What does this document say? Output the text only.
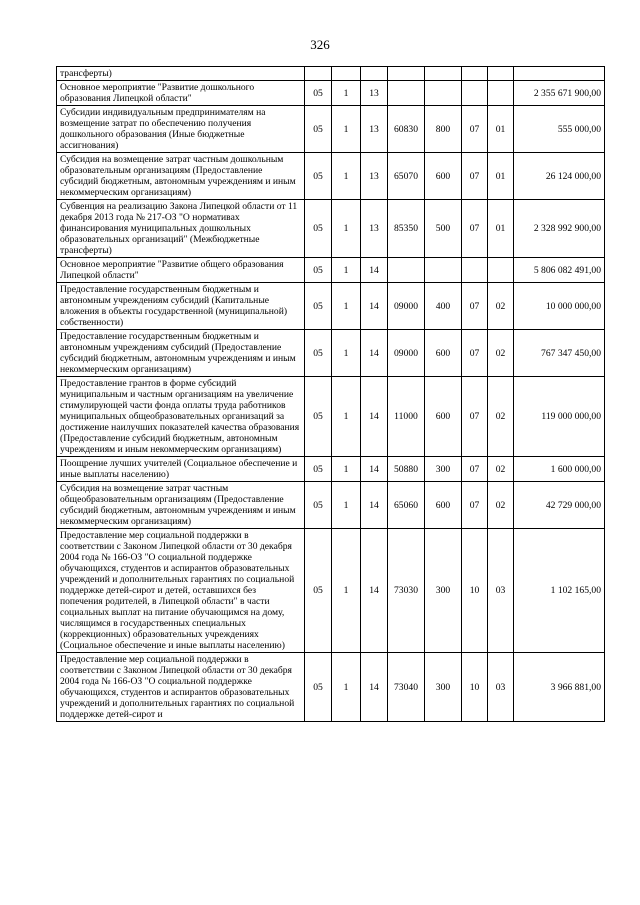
326
трансферты)								
Основное мероприятие "Развитие дошкольного образования Липецкой области"	05	1	13					2 355 671 900,00
Субсидии индивидуальным предпринимателям на возмещение затрат по обеспечению получения дошкольного образования (Иные бюджетные ассигнования)	05	1	13	60830	800	07	01	555 000,00
Субсидия на возмещение затрат частным дошкольным образовательным организациям (Предоставление субсидий бюджетным, автономным учреждениям и иным некоммерческим организациям)	05	1	13	65070	600	07	01	26 124 000,00
Субвенция на реализацию Закона Липецкой области от 11 декабря 2013 года № 217-ОЗ "О нормативах финансирования муниципальных дошкольных образовательных организаций" (Межбюджетные трансферты)	05	1	13	85350	500	07	01	2 328 992 900,00
Основное мероприятие "Развитие общего образования Липецкой области"	05	1	14					5 806 082 491,00
Предоставление государственным бюджетным и автономным учреждениям субсидий (Капитальные вложения в объекты государственной (муниципальной) собственности)	05	1	14	09000	400	07	02	10 000 000,00
Предоставление государственным бюджетным и автономным учреждениям субсидий (Предоставление субсидий бюджетным, автономным учреждениям и иным некоммерческим организациям)	05	1	14	09000	600	07	02	767 347 450,00
Предоставление грантов в форме субсидий муниципальным и частным организациям на увеличение стимулирующей части фонда оплаты труда работников муниципальных общеобразовательных организаций за достижение наилучших показателей качества образования (Предоставление субсидий бюджетным, автономным учреждениям и иным некоммерческим организациям)	05	1	14	11000	600	07	02	119 000 000,00
Поощрение лучших учителей (Социальное обеспечение и иные выплаты населению)	05	1	14	50880	300	07	02	1 600 000,00
Субсидия на возмещение затрат частным общеобразовательным организациям (Предоставление субсидий бюджетным, автономным учреждениям и иным некоммерческим организациям)	05	1	14	65060	600	07	02	42 729 000,00
Предоставление мер социальной поддержки в соответствии с Законом Липецкой области от 30 декабря 2004 года № 166-ОЗ "О социальной поддержке обучающихся, студентов и аспирантов образовательных учреждений и дополнительных гарантиях по социальной поддержке детей-сирот и детей, оставшихся без попечения родителей, в Липецкой области" в части социальных выплат на питание обучающимся на дому, числящимся в государственных специальных (коррекционных) образовательных учреждениях (Социальное обеспечение и иные выплаты населению)	05	1	14	73030	300	10	03	1 102 165,00
Предоставление мер социальной поддержки в соответствии с Законом Липецкой области от 30 декабря 2004 года № 166-ОЗ "О социальной поддержке обучающихся, студентов и аспирантов образовательных учреждений и дополнительных гарантиях по социальной поддержке детей-сирот и	05	1	14	73040	300	10	03	3 966 881,00
